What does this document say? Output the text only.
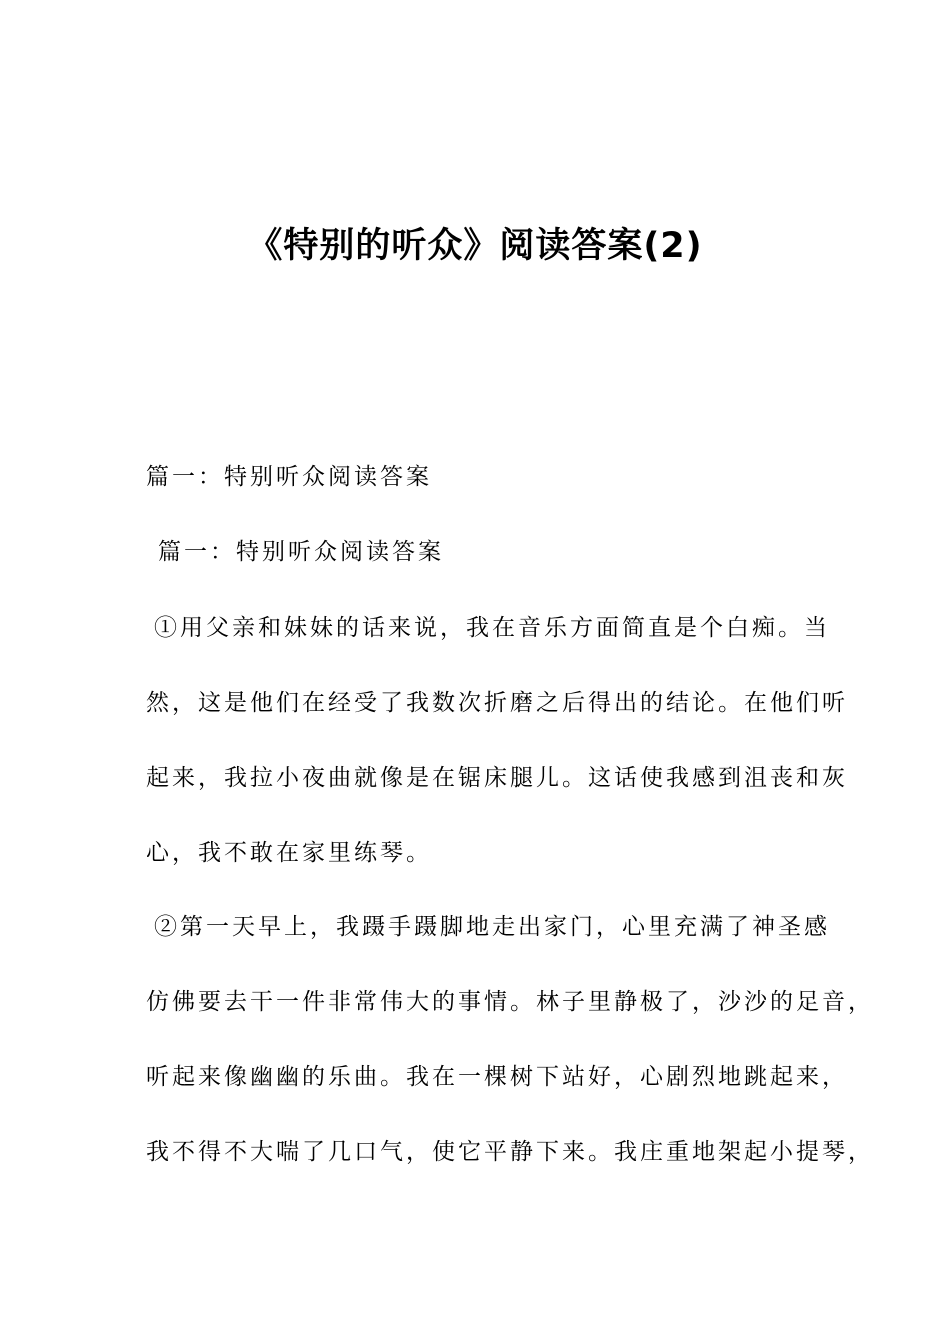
《特别的听众》阅读答案(2)
篇一：特别听众阅读答案
篇一：特别听众阅读答案
①用父亲和妹妹的话来说，我在音乐方面简直是个白痴。当
然，这是他们在经受了我数次折磨之后得出的结论。在他们听
起来，我拉小夜曲就像是在锯床腿儿。这话使我感到沮丧和灰
心，我不敢在家里练琴。
②第一天早上，我蹑手蹑脚地走出家门，心里充满了神圣感
仿佛要去干一件非常伟大的事情。林子里静极了，沙沙的足音，
听起来像幽幽的乐曲。我在一棵树下站好，心剧烈地跳起来，
我不得不大喘了几口气，使它平静下来。我庄重地架起小提琴，
